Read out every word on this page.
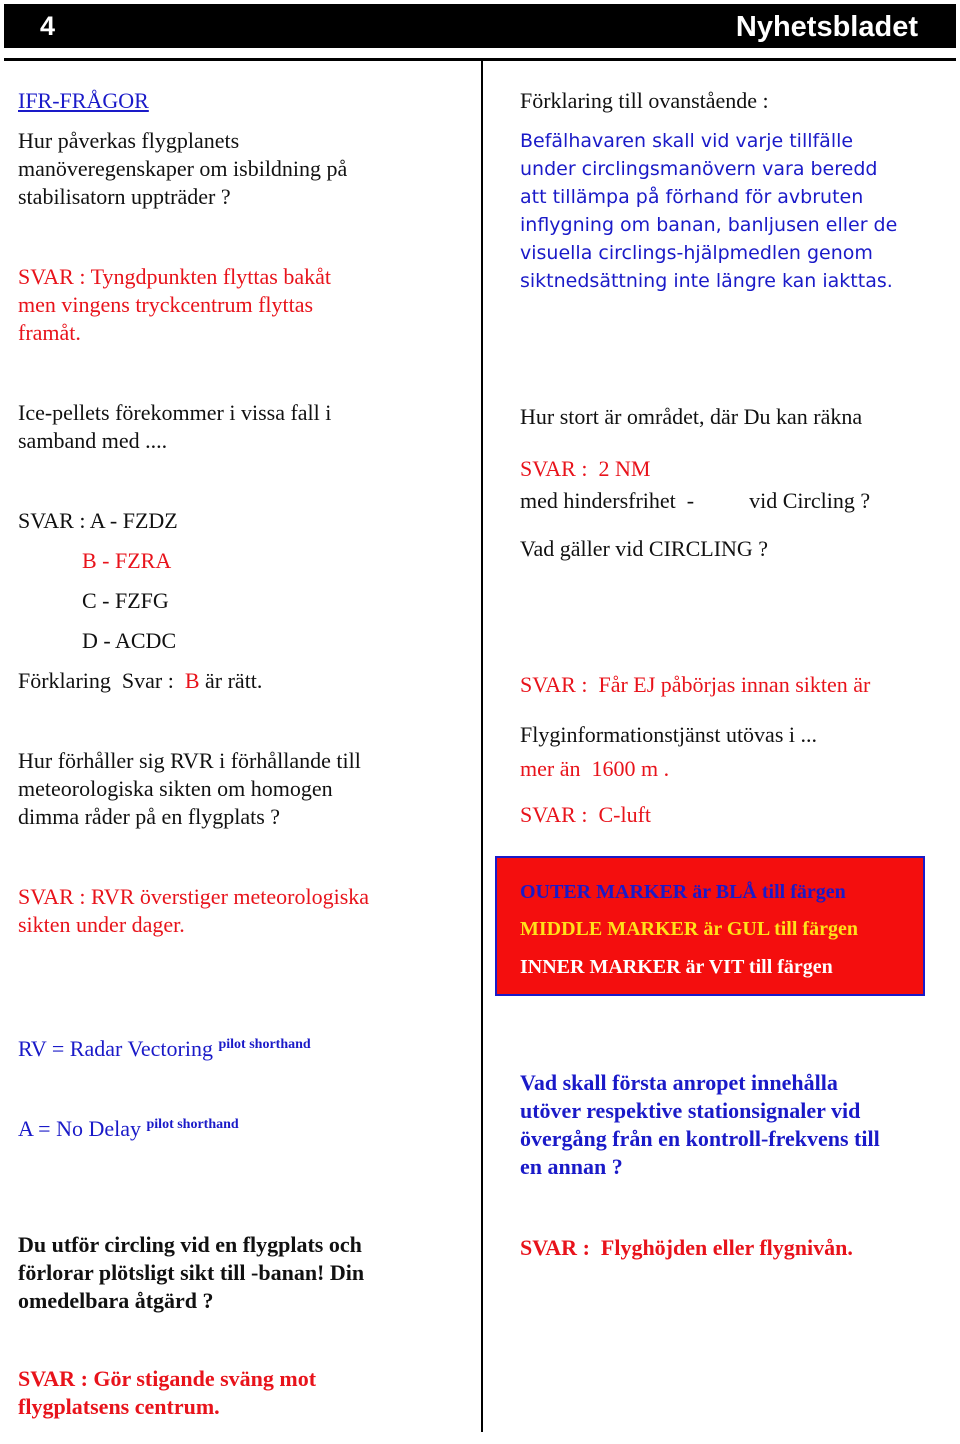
4	Nyhetsbladet
IFR-FRÅGOR
Hur påverkas flygplanets
manöveregenskaper om isbildning på
stabilisatorn uppträder ?
SVAR : Tyngdpunkten flyttas bakåt
men vingens tryckcentrum flyttas
framåt.
Ice-pellets förekommer i vissa fall i
samband med ....
SVAR : A - FZDZ
B - FZRA
C - FZFG
D - ACDC
Förklaring  Svar :  B är rätt.
Hur förhåller sig RVR i förhållande till
meteorologiska sikten om homogen
dimma råder på en flygplats ?
SVAR : RVR överstiger meteorologiska
sikten under dager.
RV = Radar Vectoring $^{pilot shorthand}$
A = No Delay $^{pilot shorthand}$
Du utför circling vid en flygplats och
förlorar plötsligt sikt till -banan! Din
omedelbara åtgärd ?
SVAR : Gör stigande sväng mot
flygplatsens centrum.
Förklaring till ovanstående :
Befälhavaren skall vid varje tillfälle
under circlingsmanövern vara beredd
att tillämpa på förhand för avbruten
inflygning om banan, banljusen eller de
visuella circlings-hjälpmedlen genom
siktnedsättning inte längre kan iakttas.

Hur stort är området, där Du kan räkna

med hindersfrihet  -          vid Circling ?

SVAR :  2 NM
Vad gäller vid CIRCLING ?

SVAR :  Får EJ påbörjas innan sikten är

mer än  1600 m .

Flyginformationstjänst utövas i ...
SVAR :  C-luft
OUTER MARKER är BLÅ till färgen
MIDDLE MARKER är GUL till färgen
INNER MARKER är VIT till färgen
Vad skall första anropet innehålla
utöver respektive stationsignaler vid
övergång från en kontroll-frekvens till
en annan ?
SVAR :  Flyghöjden eller flygnivån.
